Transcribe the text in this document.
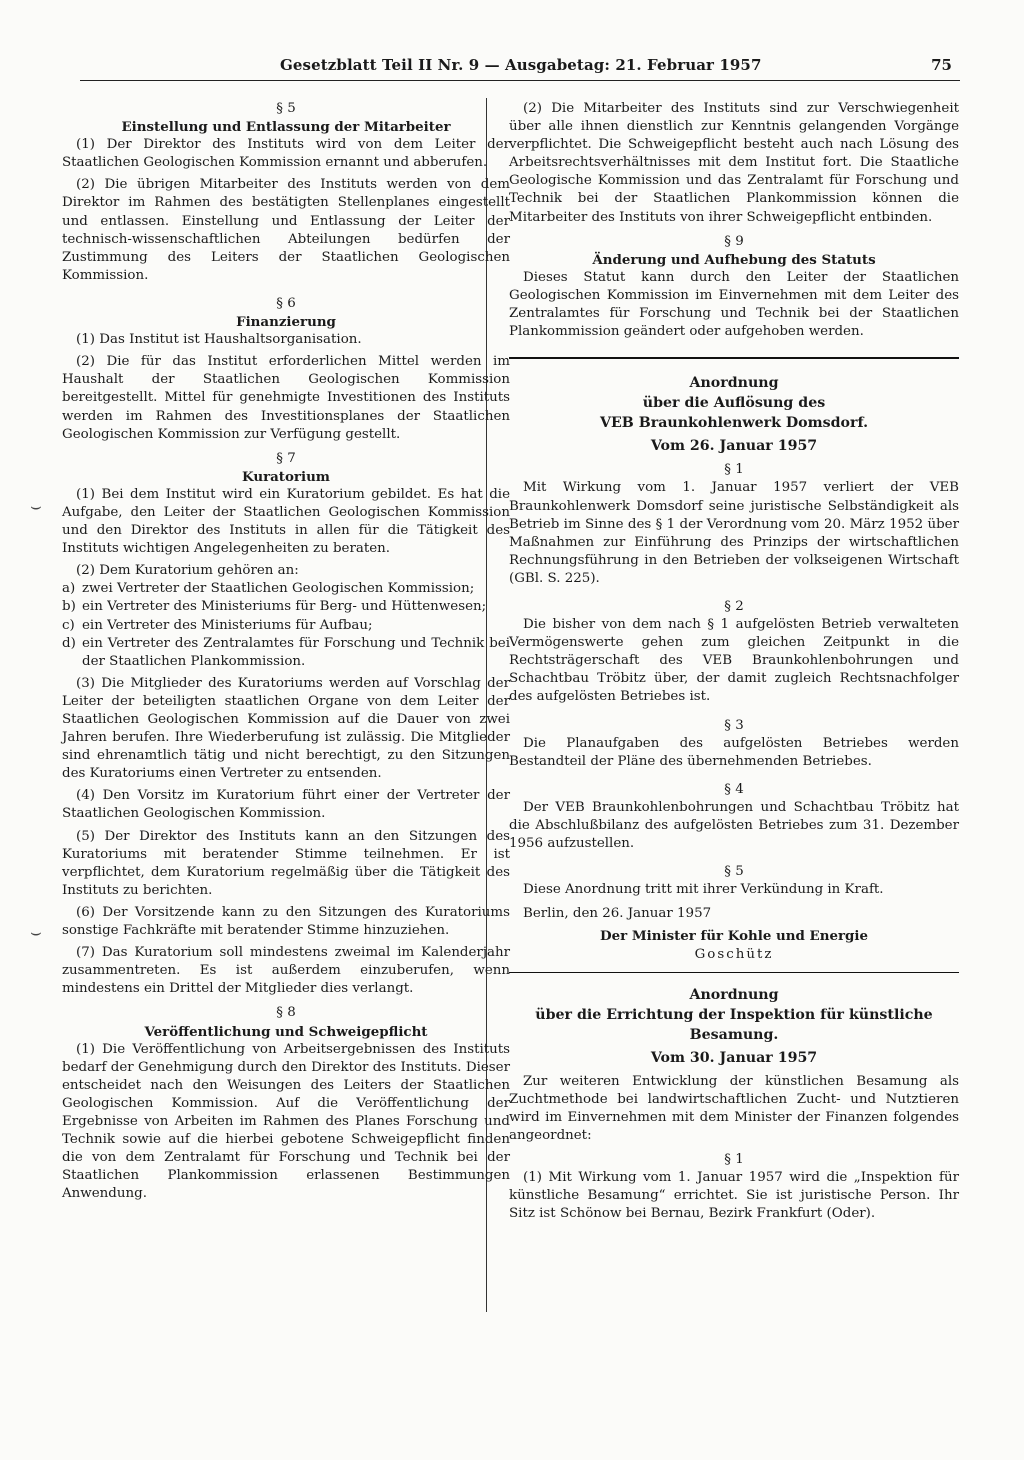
⌣
⌣
Gesetzblatt Teil II Nr. 9 — Ausgabetag: 21. Februar 1957	75

§ 5

Einstellung und Entlassung der Mitarbeiter

(1) Der Direktor des Instituts wird von dem Leiter der Staatlichen Geologischen Kommission ernannt und abberufen.

(2) Die übrigen Mitarbeiter des Instituts werden von dem Direktor im Rahmen des bestätigten Stellenplanes eingestellt und entlassen. Einstellung und Entlassung der Leiter der technisch-wissenschaftlichen Abteilungen bedürfen der Zustimmung des Leiters der Staatlichen Geologischen Kommission.

§ 6

Finanzierung

(1) Das Institut ist Haushaltsorganisation.

(2) Die für das Institut erforderlichen Mittel werden im Haushalt der Staatlichen Geologischen Kommission bereitgestellt. Mittel für genehmigte Investitionen des Instituts werden im Rahmen des Investitionsplanes der Staatlichen Geologischen Kommission zur Verfügung gestellt.

§ 7

Kuratorium

(1) Bei dem Institut wird ein Kuratorium gebildet. Es hat die Aufgabe, den Leiter der Staatlichen Geologischen Kommission und den Direktor des Instituts in allen für die Tätigkeit des Instituts wichtigen Angelegenheiten zu beraten.

(2) Dem Kuratorium gehören an:

a) zwei Vertreter der Staatlichen Geologischen Kommission;
b) ein Vertreter des Ministeriums für Berg- und Hüttenwesen;
c) ein Vertreter des Ministeriums für Aufbau;
d) ein Vertreter des Zentralamtes für Forschung und Technik bei der Staatlichen Plankommission.

(3) Die Mitglieder des Kuratoriums werden auf Vorschlag der Leiter der beteiligten staatlichen Organe von dem Leiter der Staatlichen Geologischen Kommission auf die Dauer von zwei Jahren berufen. Ihre Wiederberufung ist zulässig. Die Mitglieder sind ehrenamtlich tätig und nicht berechtigt, zu den Sitzungen des Kuratoriums einen Vertreter zu entsenden.

(4) Den Vorsitz im Kuratorium führt einer der Vertreter der Staatlichen Geologischen Kommission.

(5) Der Direktor des Instituts kann an den Sitzungen des Kuratoriums mit beratender Stimme teilnehmen. Er ist verpflichtet, dem Kuratorium regelmäßig über die Tätigkeit des Instituts zu berichten.

(6) Der Vorsitzende kann zu den Sitzungen des Kuratoriums sonstige Fachkräfte mit beratender Stimme hinzuziehen.

(7) Das Kuratorium soll mindestens zweimal im Kalenderjahr zusammentreten. Es ist außerdem einzuberufen, wenn mindestens ein Drittel der Mitglieder dies verlangt.

§ 8

Veröffentlichung und Schweigepflicht

(1) Die Veröffentlichung von Arbeitsergebnissen des Instituts bedarf der Genehmigung durch den Direktor des Instituts. Dieser entscheidet nach den Weisungen des Leiters der Staatlichen Geologischen Kommission. Auf die Veröffentlichung der Ergebnisse von Arbeiten im Rahmen des Planes Forschung und Technik sowie auf die hierbei gebotene Schweigepflicht finden die von dem Zentralamt für Forschung und Technik bei der Staatlichen Plankommission erlassenen Bestimmungen Anwendung.

(2) Die Mitarbeiter des Instituts sind zur Verschwiegenheit über alle ihnen dienstlich zur Kenntnis gelangenden Vorgänge verpflichtet. Die Schweigepflicht besteht auch nach Lösung des Arbeitsrechtsverhältnisses mit dem Institut fort. Die Staatliche Geologische Kommission und das Zentralamt für Forschung und Technik bei der Staatlichen Plankommission können die Mitarbeiter des Instituts von ihrer Schweigepflicht entbinden.

§ 9

Änderung und Aufhebung des Statuts

Dieses Statut kann durch den Leiter der Staatlichen Geologischen Kommission im Einvernehmen mit dem Leiter des Zentralamtes für Forschung und Technik bei der Staatlichen Plankommission geändert oder aufgehoben werden.

Anordnung

über die Auflösung des

VEB Braunkohlenwerk Domsdorf.

Vom 26. Januar 1957

§ 1

Mit Wirkung vom 1. Januar 1957 verliert der VEB Braunkohlenwerk Domsdorf seine juristische Selbständigkeit als Betrieb im Sinne des § 1 der Verordnung vom 20. März 1952 über Maßnahmen zur Einführung des Prinzips der wirtschaftlichen Rechnungsführung in den Betrieben der volkseigenen Wirtschaft (GBl. S. 225).

§ 2

Die bisher von dem nach § 1 aufgelösten Betrieb verwalteten Vermögenswerte gehen zum gleichen Zeitpunkt in die Rechtsträgerschaft des VEB Braunkohlenbohrungen und Schachtbau Tröbitz über, der damit zugleich Rechtsnachfolger des aufgelösten Betriebes ist.

§ 3

Die Planaufgaben des aufgelösten Betriebes werden Bestandteil der Pläne des übernehmenden Betriebes.

§ 4

Der VEB Braunkohlenbohrungen und Schachtbau Tröbitz hat die Abschlußbilanz des aufgelösten Betriebes zum 31. Dezember 1956 aufzustellen.

§ 5

Diese Anordnung tritt mit ihrer Verkündung in Kraft.

Berlin, den 26. Januar 1957

Der Minister für Kohle und Energie

Goschütz

Anordnung

über die Errichtung der Inspektion für künstliche Besamung.

Vom 30. Januar 1957

Zur weiteren Entwicklung der künstlichen Besamung als Zuchtmethode bei landwirtschaftlichen Zucht- und Nutztieren wird im Einvernehmen mit dem Minister der Finanzen folgendes angeordnet:

§ 1

(1) Mit Wirkung vom 1. Januar 1957 wird die „Inspektion für künstliche Besamung“ errichtet. Sie ist juristische Person. Ihr Sitz ist Schönow bei Bernau, Bezirk Frankfurt (Oder).
